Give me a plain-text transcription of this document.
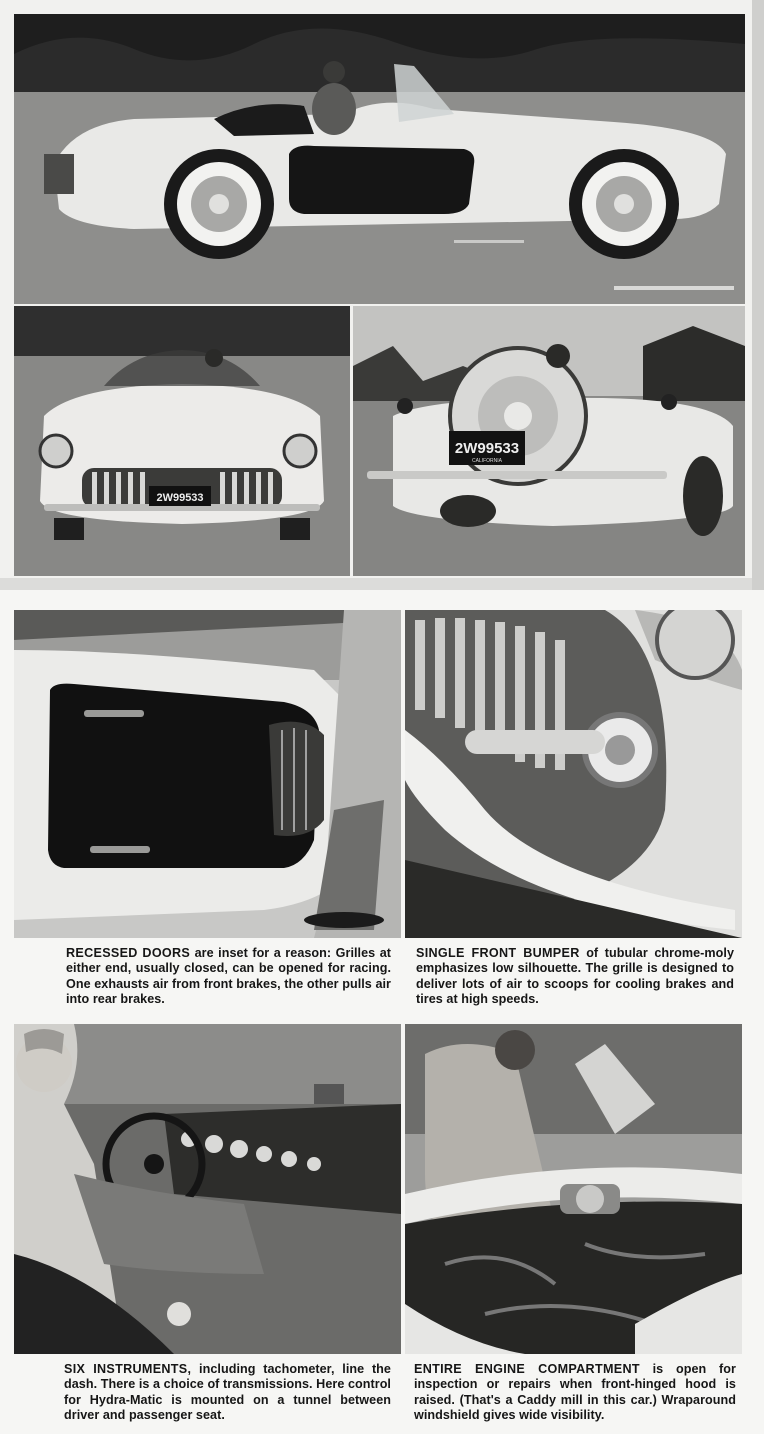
2W99533
2W99533
CALIFORNIA

RECESSED DOORS are inset for a reason: Grilles at either end, usually closed, can be opened for racing. One exhausts air from front brakes, the other pulls air into rear brakes.

SINGLE FRONT BUMPER of tubular chrome-moly emphasizes low silhouette. The grille is designed to deliver lots of air to scoops for cooling brakes and tires at high speeds.

SIX INSTRUMENTS, including tachometer, line the dash. There is a choice of transmissions. Here control for Hydra-Matic is mounted on a tunnel between driver and passenger seat.

ENTIRE ENGINE COMPARTMENT is open for inspection or repairs when front-hinged hood is raised. (That's a Caddy mill in this car.) Wraparound windshield gives wide visibility.
